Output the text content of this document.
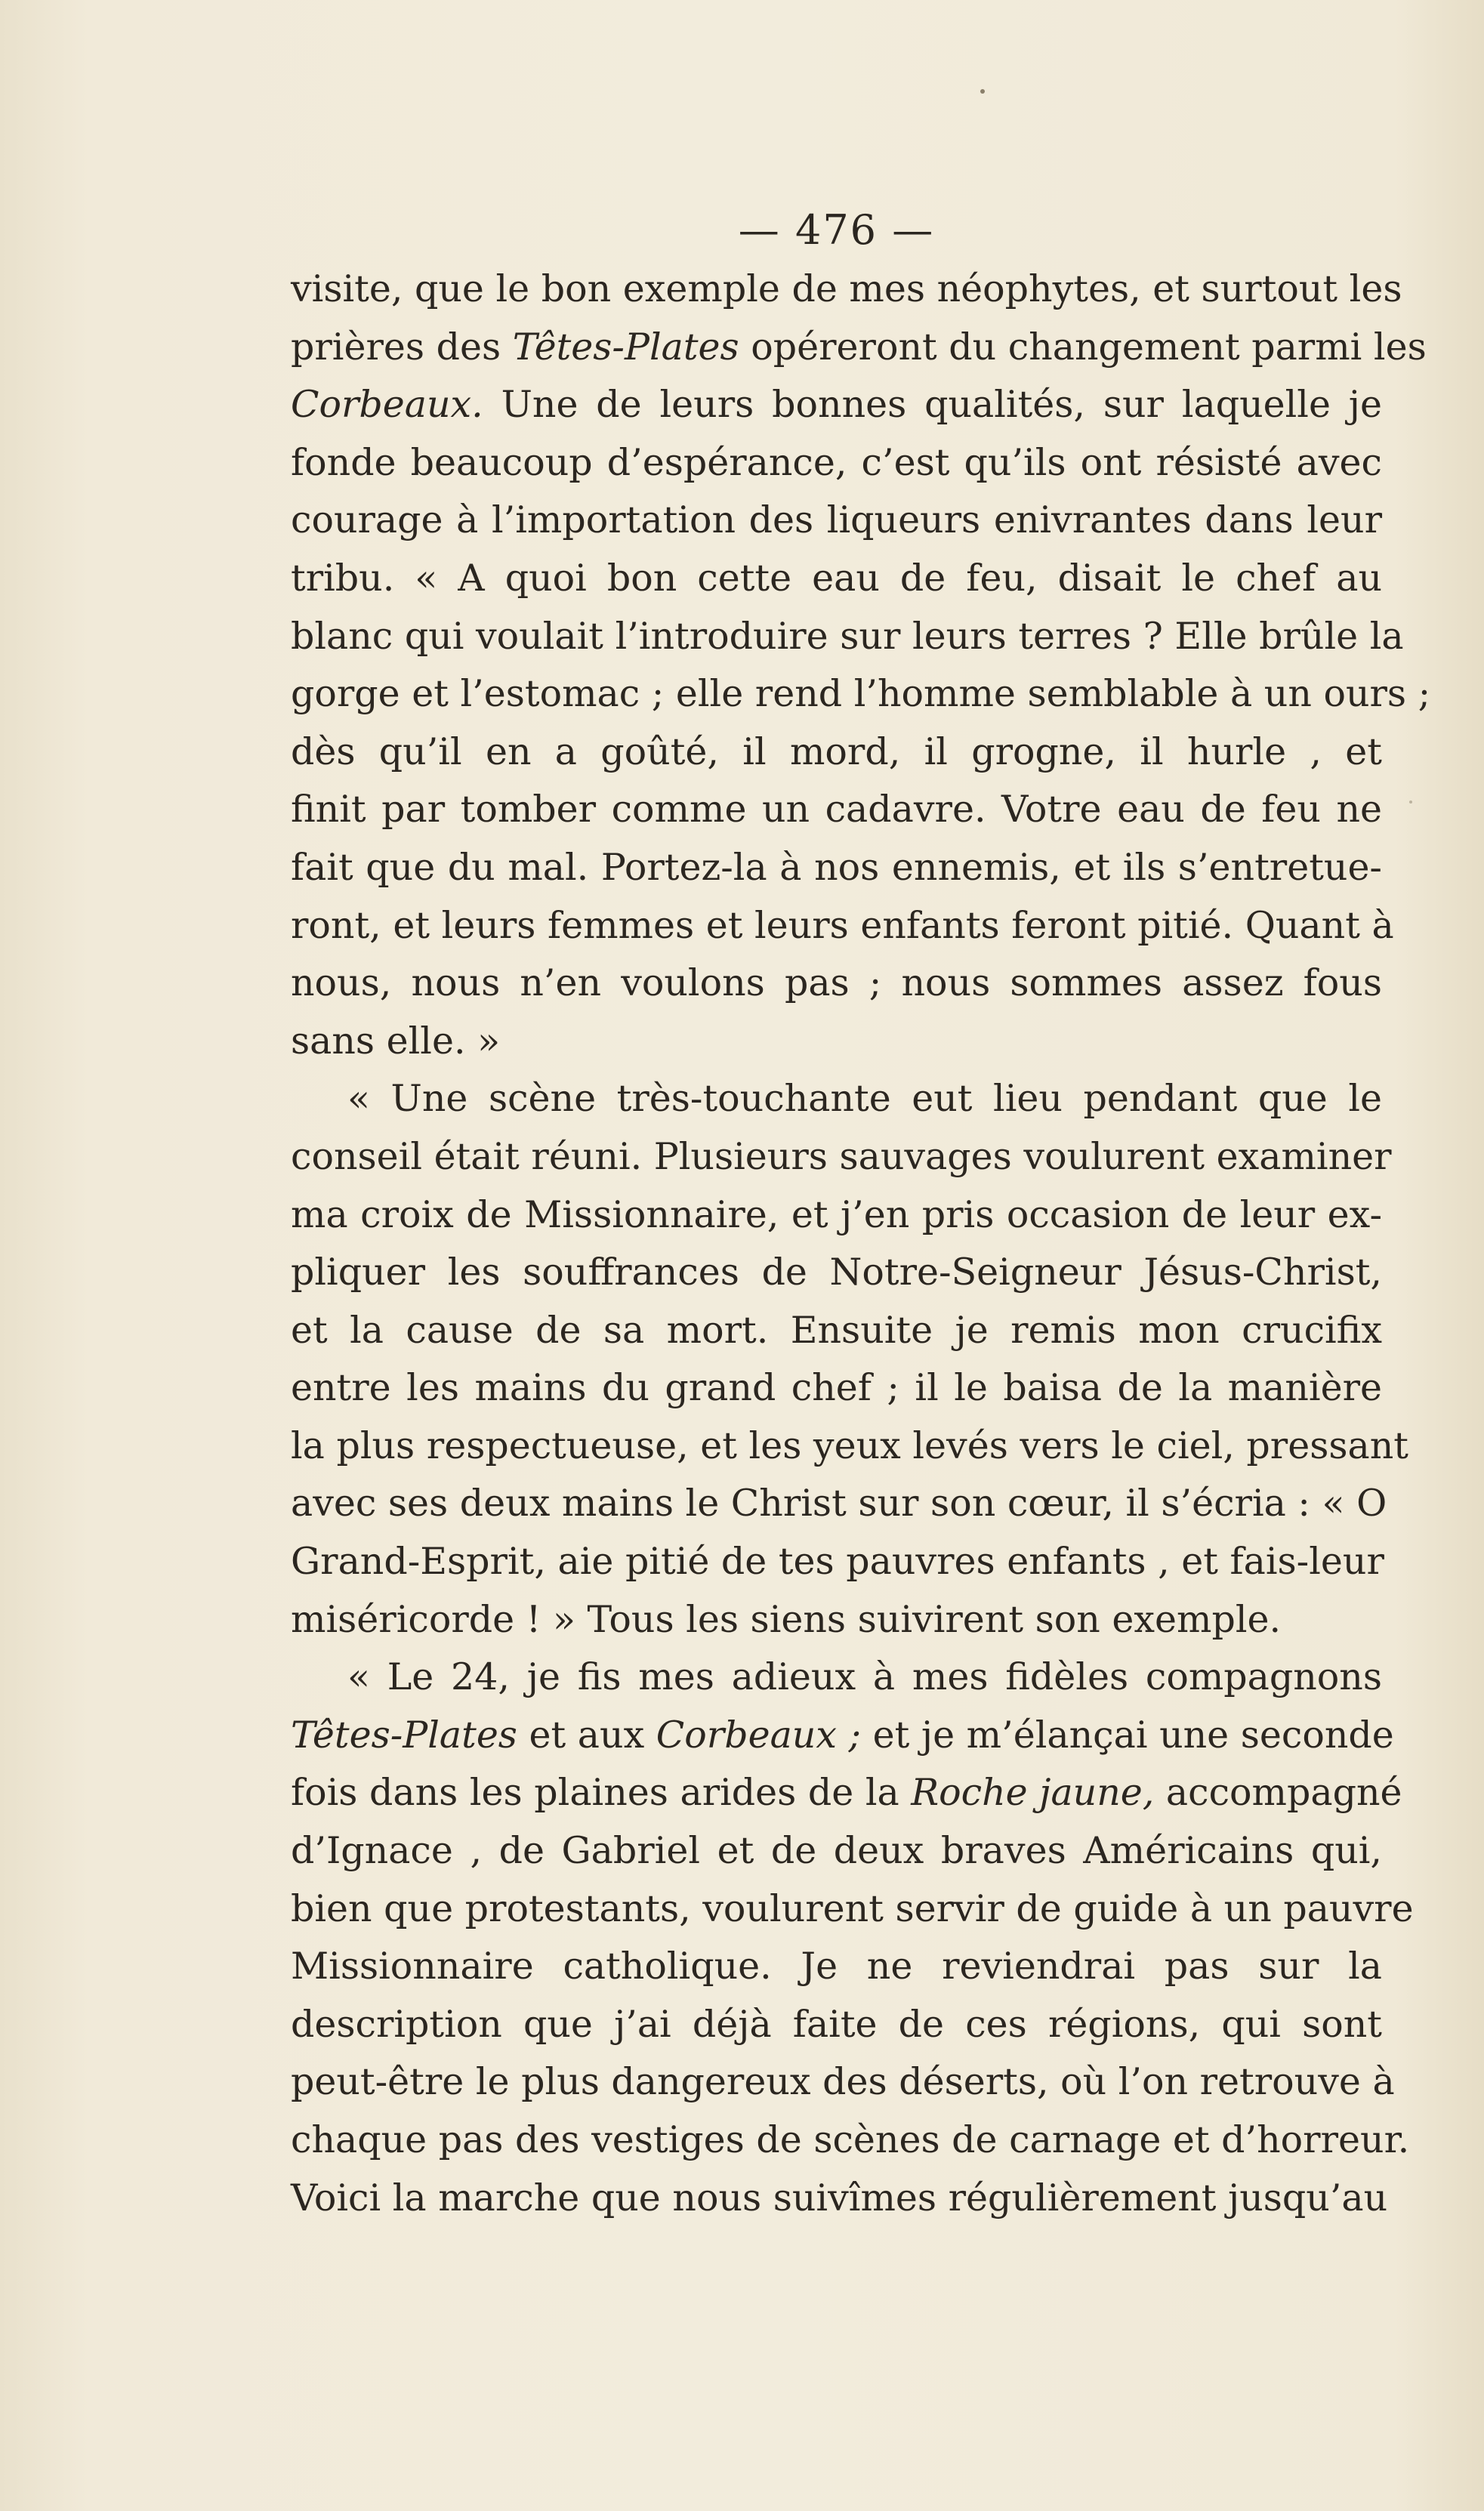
— 476 —
visite, que le bon exemple de mes néophytes, et surtout les
prières des Têtes-Plates opéreront du changement parmi les
Corbeaux. Une de leurs bonnes qualités, sur laquelle je
fonde beaucoup d’espérance, c’est qu’ils ont résisté avec
courage à l’importation des liqueurs enivrantes dans leur
tribu. « A quoi bon cette eau de feu, disait le chef au
blanc qui voulait l’introduire sur leurs terres ? Elle brûle la
gorge et l’estomac ; elle rend l’homme semblable à un ours ;
dès qu’il en a goûté, il mord, il grogne, il hurle , et
finit par tomber comme un cadavre. Votre eau de feu ne
fait que du mal. Portez-la à nos ennemis, et ils s’entretue-
ront, et leurs femmes et leurs enfants feront pitié. Quant à
nous, nous n’en voulons pas ; nous sommes assez fous
sans elle. »
« Une scène très-touchante eut lieu pendant que le
conseil était réuni. Plusieurs sauvages voulurent examiner
ma croix de Missionnaire, et j’en pris occasion de leur ex-
pliquer les souffrances de Notre-Seigneur Jésus-Christ,
et la cause de sa mort. Ensuite je remis mon crucifix
entre les mains du grand chef ; il le baisa de la manière
la plus respectueuse, et les yeux levés vers le ciel, pressant
avec ses deux mains le Christ sur son cœur, il s’écria : « O
Grand-Esprit, aie pitié de tes pauvres enfants , et fais-leur
miséricorde ! » Tous les siens suivirent son exemple.
« Le 24, je fis mes adieux à mes fidèles compagnons
Têtes-Plates et aux Corbeaux ; et je m’élançai une seconde
fois dans les plaines arides de la Roche jaune, accompagné
d’Ignace , de Gabriel et de deux braves Américains qui,
bien que protestants, voulurent servir de guide à un pauvre
Missionnaire catholique. Je ne reviendrai pas sur la
description que j’ai déjà faite de ces régions, qui sont
peut-être le plus dangereux des déserts, où l’on retrouve à
chaque pas des vestiges de scènes de carnage et d’horreur.
Voici la marche que nous suivîmes régulièrement jusqu’au
